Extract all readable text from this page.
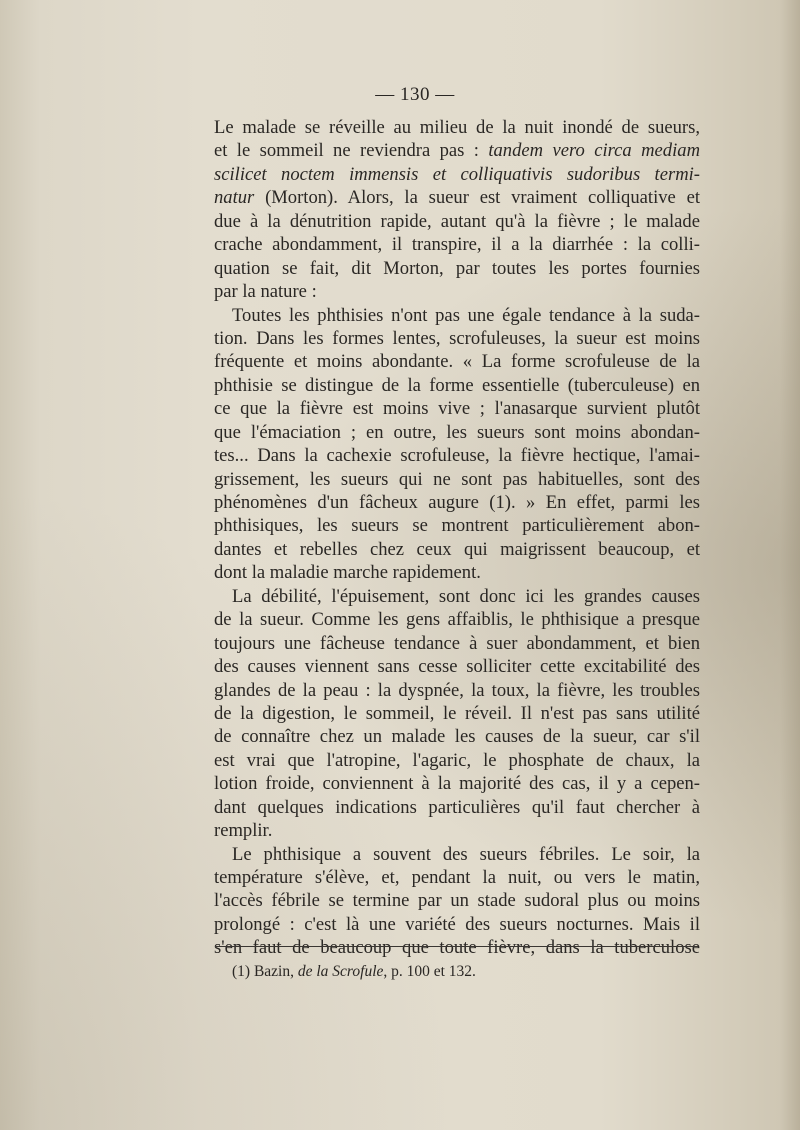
— 130 —
Le malade se réveille au milieu de la nuit inondé de sueurs,
et le sommeil ne reviendra pas : tandem vero circa mediam
scilicet noctem immensis et colliquativis sudoribus termi-
natur (Morton). Alors, la sueur est vraiment colliquative et
due à la dénutrition rapide, autant qu'à la fièvre ; le malade
crache abondamment, il transpire, il a la diarrhée : la colli-
quation se fait, dit Morton, par toutes les portes fournies
par la nature :
Toutes les phthisies n'ont pas une égale tendance à la suda-
tion. Dans les formes lentes, scrofuleuses, la sueur est moins
fréquente et moins abondante. « La forme scrofuleuse de la
phthisie se distingue de la forme essentielle (tuberculeuse) en
ce que la fièvre est moins vive ; l'anasarque survient plutôt
que l'émaciation ; en outre, les sueurs sont moins abondan-
tes... Dans la cachexie scrofuleuse, la fièvre hectique, l'amai-
grissement, les sueurs qui ne sont pas habituelles, sont des
phénomènes d'un fâcheux augure (1). » En effet, parmi les
phthisiques, les sueurs se montrent particulièrement abon-
dantes et rebelles chez ceux qui maigrissent beaucoup, et
dont la maladie marche rapidement.
La débilité, l'épuisement, sont donc ici les grandes causes
de la sueur. Comme les gens affaiblis, le phthisique a presque
toujours une fâcheuse tendance à suer abondamment, et bien
des causes viennent sans cesse solliciter cette excitabilité des
glandes de la peau : la dyspnée, la toux, la fièvre, les troubles
de la digestion, le sommeil, le réveil. Il n'est pas sans utilité
de connaître chez un malade les causes de la sueur, car s'il
est vrai que l'atropine, l'agaric, le phosphate de chaux, la
lotion froide, conviennent à la majorité des cas, il y a cepen-
dant quelques indications particulières qu'il faut chercher à
remplir.
Le phthisique a souvent des sueurs fébriles. Le soir, la
température s'élève, et, pendant la nuit, ou vers le matin,
l'accès fébrile se termine par un stade sudoral plus ou moins
prolongé : c'est là une variété des sueurs nocturnes. Mais il
s'en faut de beaucoup que toute fièvre, dans la tuberculose
(1) Bazin, de la Scrofule, p. 100 et 132.
